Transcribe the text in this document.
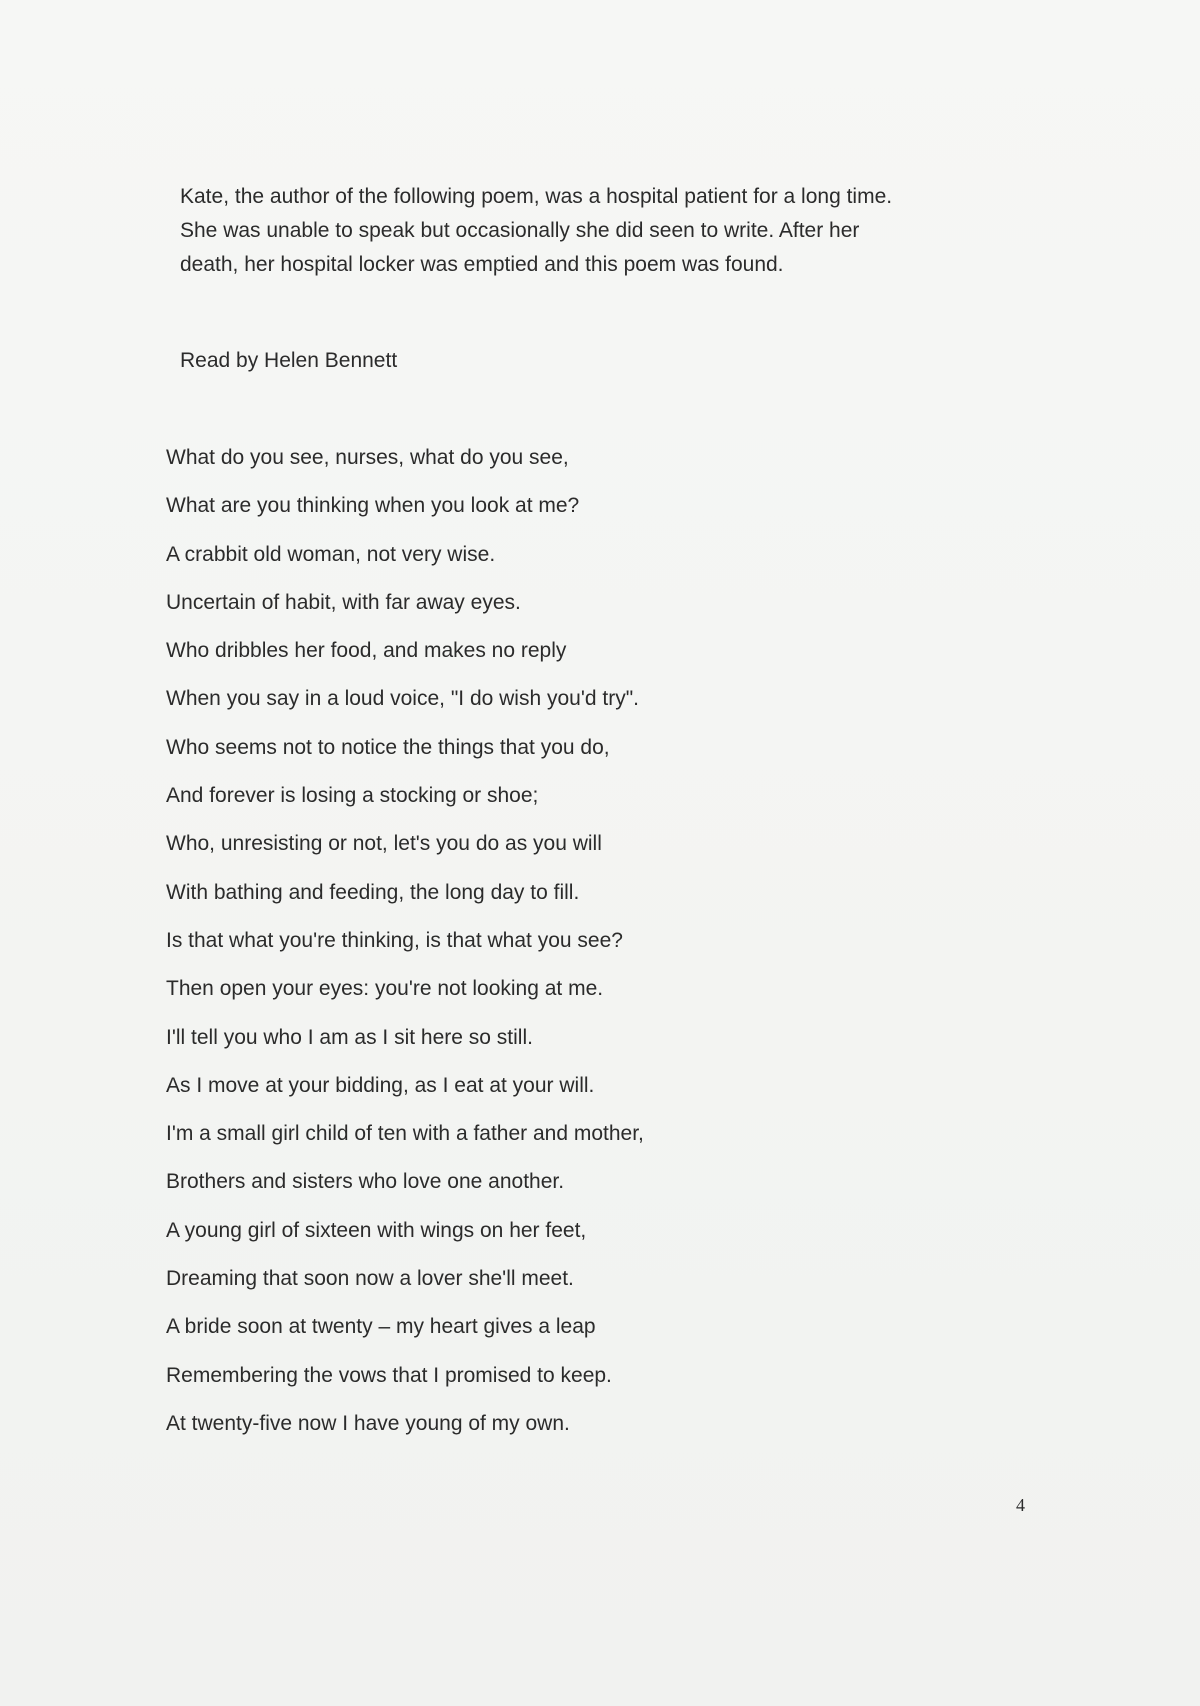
Kate, the author of the following poem, was a hospital patient for a long time.

She was unable to speak but occasionally she did seen to write. After her

death, her hospital locker was emptied and this poem was found.

Read by Helen Bennett

What do you see, nurses, what do you see,
What are you thinking when you look at me?
A crabbit old woman, not very wise.
Uncertain of habit, with far away eyes.
Who dribbles her food, and makes no reply
When you say in a loud voice, "I do wish you'd try".
Who seems not to notice the things that you do,
And forever is losing a stocking or shoe;
Who, unresisting or not, let's you do as you will
With bathing and feeding, the long day to fill.
Is that what you're thinking, is that what you see?
Then open your eyes: you're not looking at me.
I'll tell you who I am as I sit here so still.
As I move at your bidding, as I eat at your will.
I'm a small girl child of ten with a father and mother,
Brothers and sisters who love one another.
A young girl of sixteen with wings on her feet,
Dreaming that soon now a lover she'll meet.
A bride soon at twenty – my heart gives a leap
Remembering the vows that I promised to keep.
At twenty-five now I have young of my own.

4
